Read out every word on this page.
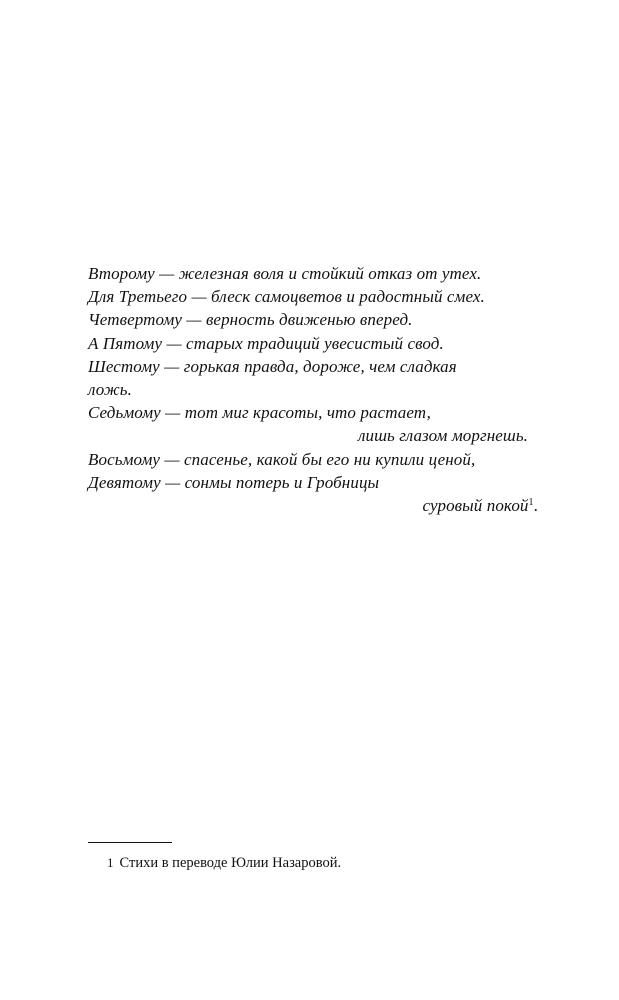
Второму — железная воля и стойкий отказ от утех.
Для Третьего — блеск самоцветов и радостный смех.
Четвертому — верность движенью вперед.
А Пятому — старых традиций увесистый свод.
Шестому — горькая правда, дороже, чем сладкая
ложь.
Седьмому — тот миг красоты, что растает,
лишь глазом моргнешь.
Восьмому — спасенье, какой бы его ни купили ценой,
Девятому — сонмы потерь и Гробницы
суровый покой$^1$.
1 Стихи в переводе Юлии Назаровой.
